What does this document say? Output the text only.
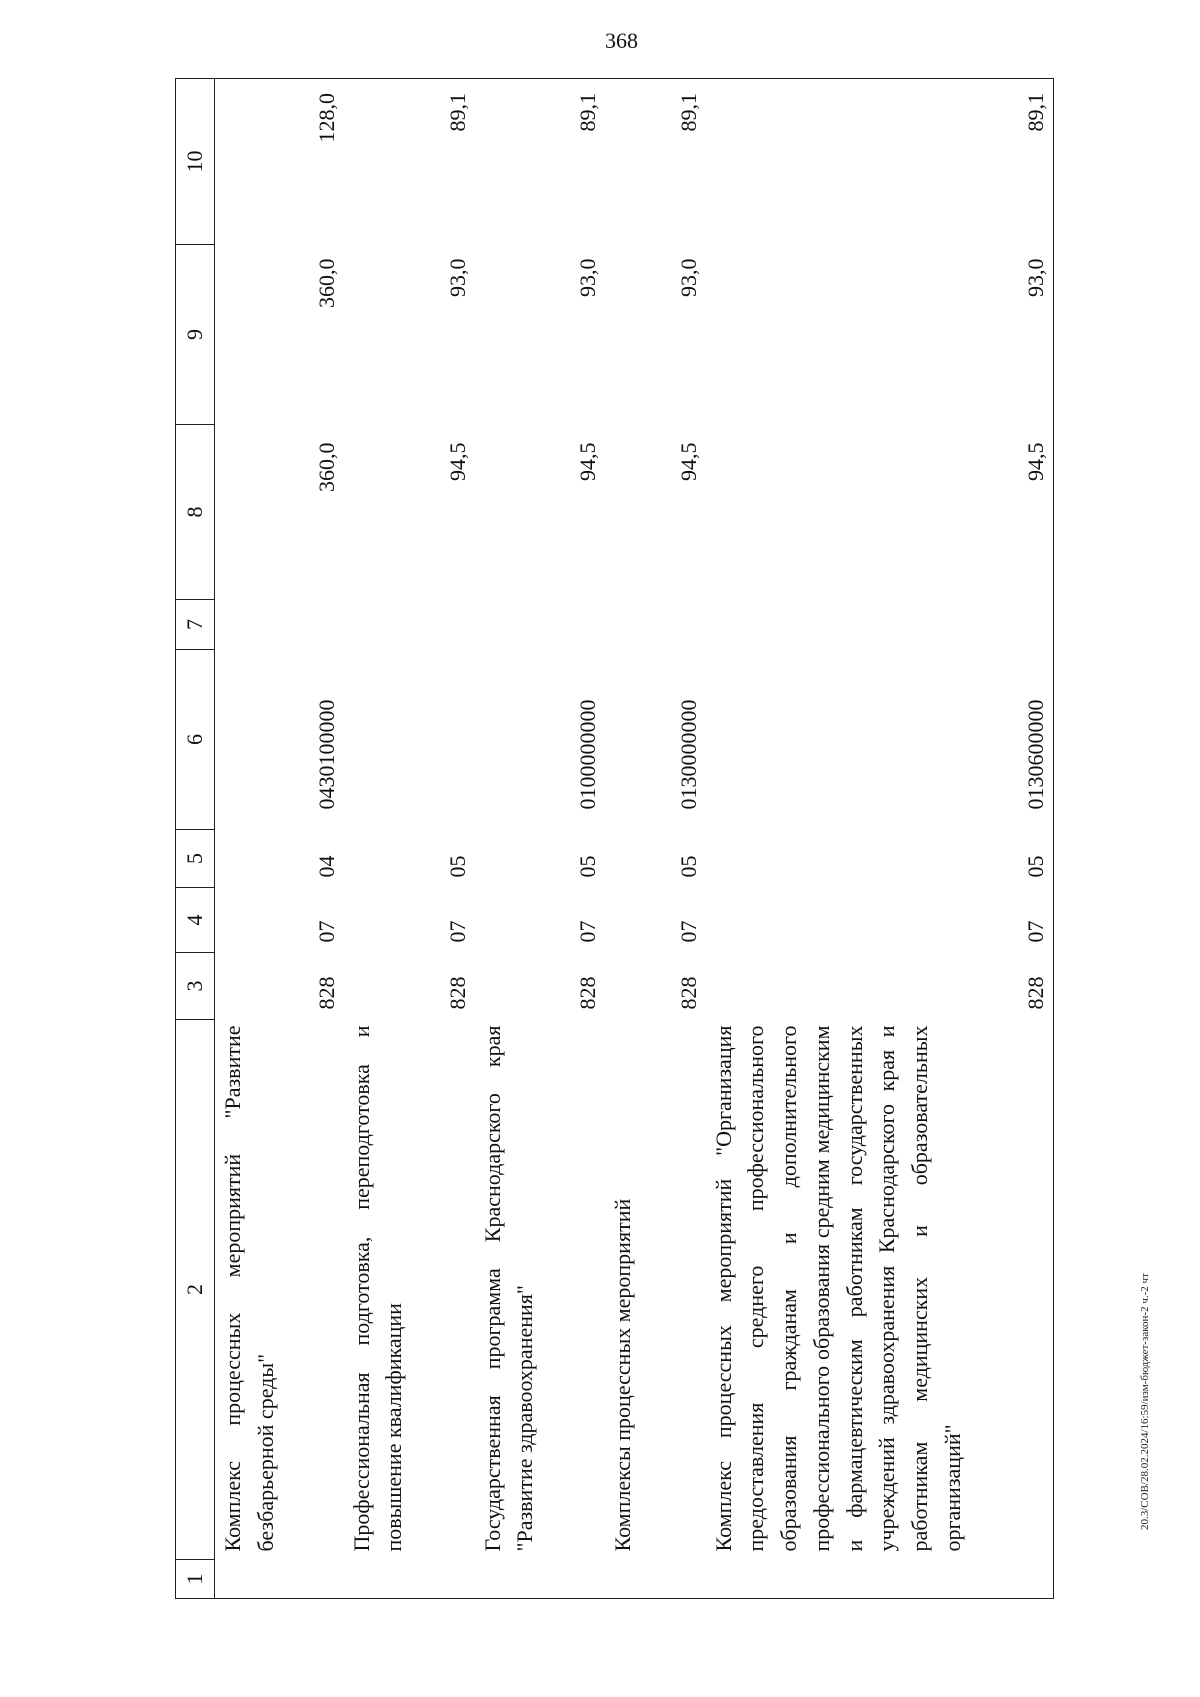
368
20.3/СОВ/28.02.2024/16:59/изм-бюджет-закон-2 ч.-2 чт
1	2	3	4	5	6	7	8	9	10
	Комплекс процессных мероприятий "Развитие безбарьерной среды"	828	07	04	0430100000		360,0	360,0	128,0
	Профессиональная подготовка, переподготовка и повышение квалификации	828	07	05			94,5	93,0	89,1
	Государственная программа Краснодарского края "Развитие здравоохранения"	828	07	05	0100000000		94,5	93,0	89,1
	Комплексы процессных мероприятий	828	07	05	0130000000		94,5	93,0	89,1
	Комплекс процессных мероприятий "Организация предоставления среднего профессионального образования гражданам и дополнительного профессионального образования средним медицинским и фармацевтическим работникам государственных учреждений здравоохранения Краснодарского края и работникам медицинских и образовательных организаций"	828	07	05	0130600000		94,5	93,0	89,1
